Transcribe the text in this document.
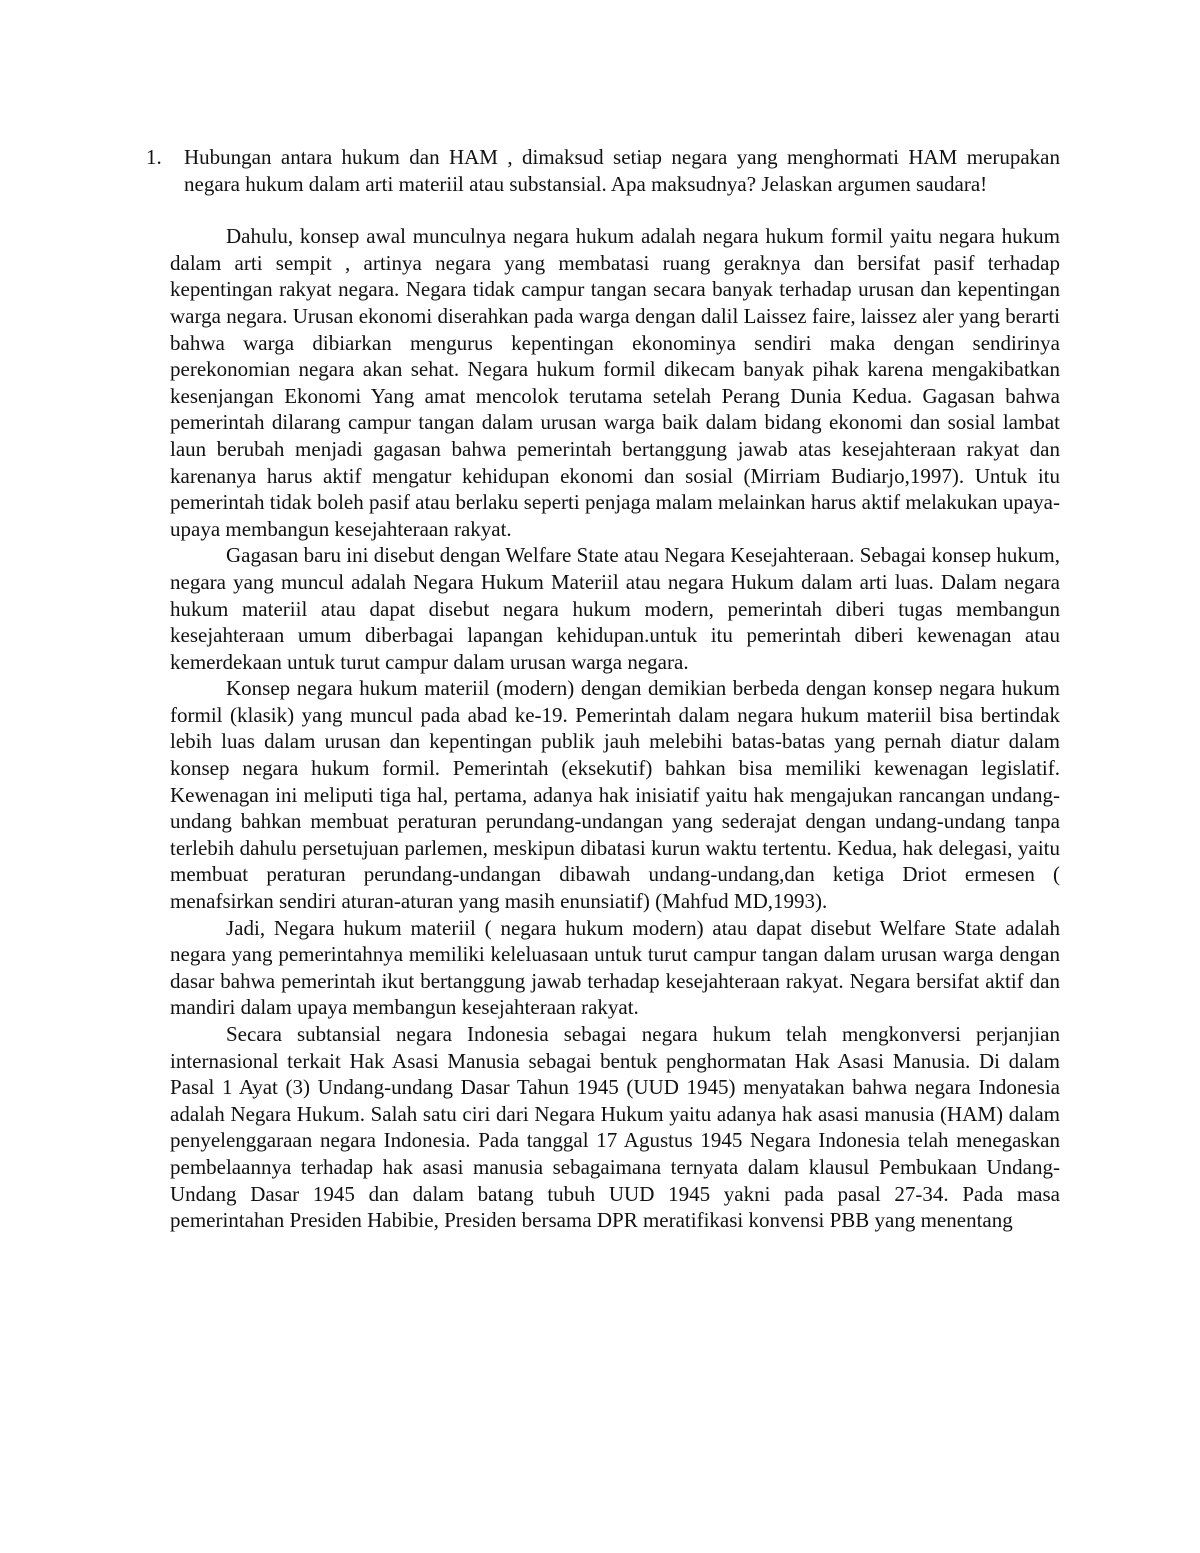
1. Hubungan antara hukum dan HAM , dimaksud setiap negara yang menghormati HAM merupakan negara hukum dalam arti materiil atau substansial. Apa maksudnya? Jelaskan argumen saudara!

Dahulu, konsep awal munculnya negara hukum adalah negara hukum formil yaitu negara hukum dalam arti sempit , artinya negara yang membatasi ruang geraknya dan bersifat pasif terhadap kepentingan rakyat negara. Negara tidak campur tangan secara banyak terhadap urusan dan kepentingan warga negara. Urusan ekonomi diserahkan pada warga dengan dalil Laissez faire, laissez aler yang berarti bahwa warga dibiarkan mengurus kepentingan ekonominya sendiri maka dengan sendirinya perekonomian negara akan sehat. Negara hukum formil dikecam banyak pihak karena mengakibatkan kesenjangan Ekonomi Yang amat mencolok terutama setelah Perang Dunia Kedua. Gagasan bahwa pemerintah dilarang campur tangan dalam urusan warga baik dalam bidang ekonomi dan sosial lambat laun berubah menjadi gagasan bahwa pemerintah bertanggung jawab atas kesejahteraan rakyat dan karenanya harus aktif mengatur kehidupan ekonomi dan sosial (Mirriam Budiarjo,1997). Untuk itu pemerintah tidak boleh pasif atau berlaku seperti penjaga malam melainkan harus aktif melakukan upaya-upaya membangun kesejahteraan rakyat.

Gagasan baru ini disebut dengan Welfare State atau Negara Kesejahteraan. Sebagai konsep hukum, negara yang muncul adalah Negara Hukum Materiil atau negara Hukum dalam arti luas. Dalam negara hukum materiil atau dapat disebut negara hukum modern, pemerintah diberi tugas membangun kesejahteraan umum diberbagai lapangan kehidupan.untuk itu pemerintah diberi kewenagan atau kemerdekaan untuk turut campur dalam urusan warga negara.

Konsep negara hukum materiil (modern) dengan demikian berbeda dengan konsep negara hukum formil (klasik) yang muncul pada abad ke-19. Pemerintah dalam negara hukum materiil bisa bertindak lebih luas dalam urusan dan kepentingan publik jauh melebihi batas-batas yang pernah diatur dalam konsep negara hukum formil. Pemerintah (eksekutif) bahkan bisa memiliki kewenagan legislatif. Kewenagan ini meliputi tiga hal, pertama, adanya hak inisiatif yaitu hak mengajukan rancangan undang-undang bahkan membuat peraturan perundang-undangan yang sederajat dengan undang-undang tanpa terlebih dahulu persetujuan parlemen, meskipun dibatasi kurun waktu tertentu. Kedua, hak delegasi, yaitu membuat peraturan perundang-undangan dibawah undang-undang,dan ketiga Driot ermesen ( menafsirkan sendiri aturan-aturan yang masih enunsiatif) (Mahfud MD,1993).

Jadi, Negara hukum materiil ( negara hukum modern) atau dapat disebut Welfare State adalah negara yang pemerintahnya memiliki keleluasaan untuk turut campur tangan dalam urusan warga dengan dasar bahwa pemerintah ikut bertanggung jawab terhadap kesejahteraan rakyat. Negara bersifat aktif dan mandiri dalam upaya membangun kesejahteraan rakyat.

Secara subtansial negara Indonesia sebagai negara hukum telah mengkonversi perjanjian internasional terkait Hak Asasi Manusia sebagai bentuk penghormatan Hak Asasi Manusia. Di dalam Pasal 1 Ayat (3) Undang-undang Dasar Tahun 1945 (UUD 1945) menyatakan bahwa negara Indonesia adalah Negara Hukum. Salah satu ciri dari Negara Hukum yaitu adanya hak asasi manusia (HAM) dalam penyelenggaraan negara Indonesia. Pada tanggal 17 Agustus 1945 Negara Indonesia telah menegaskan pembelaannya terhadap hak asasi manusia sebagaimana ternyata dalam klausul Pembukaan Undang-Undang Dasar 1945 dan dalam batang tubuh UUD 1945 yakni pada pasal 27-34. Pada masa pemerintahan Presiden Habibie, Presiden bersama DPR meratifikasi konvensi PBB yang menentang
